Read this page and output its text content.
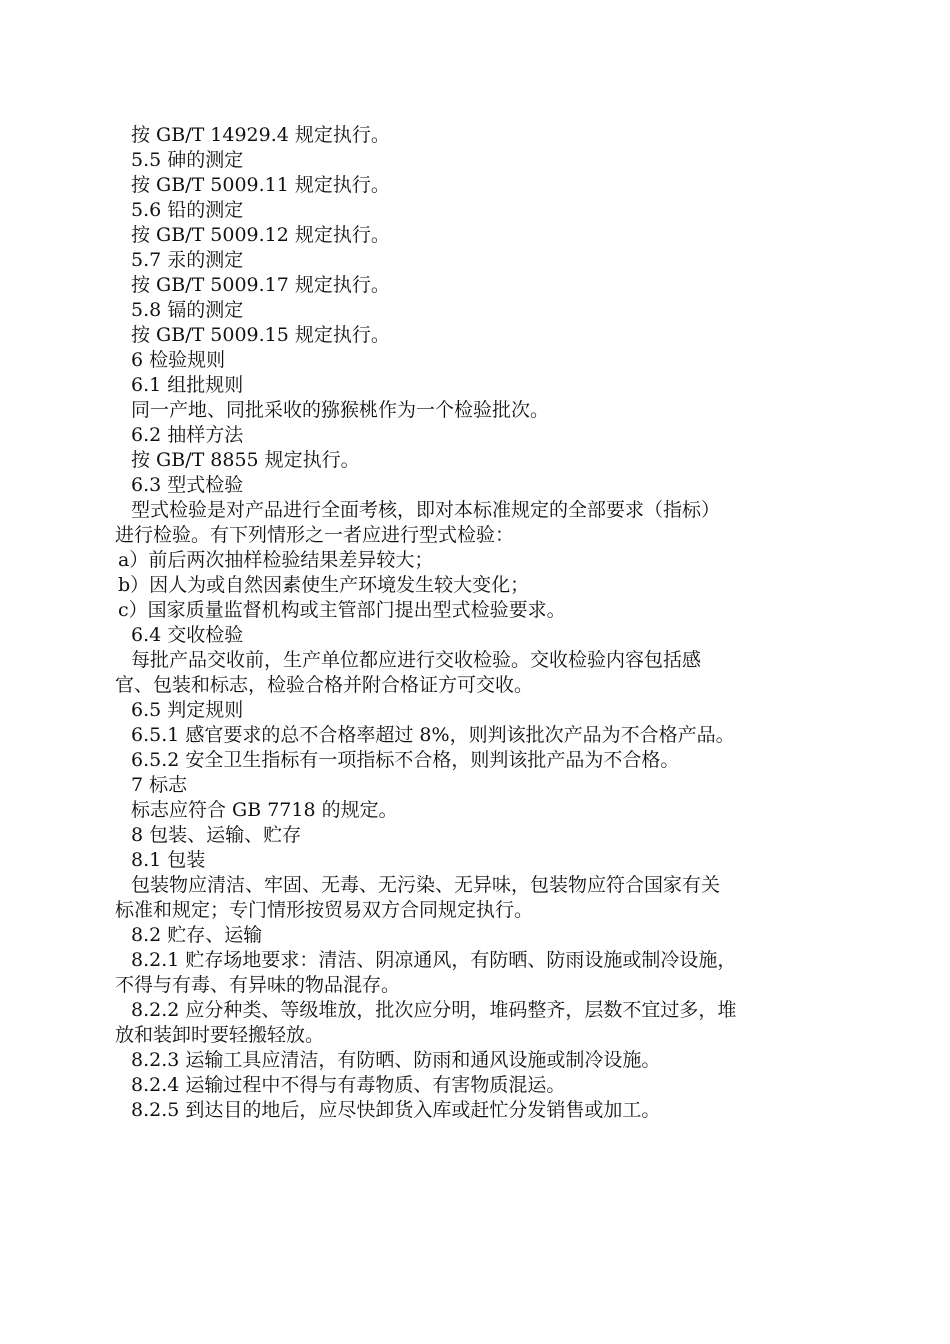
按 GB/T 14929.4 规定执行。
5.5 砷的测定
按 GB/T 5009.11 规定执行。
5.6 铅的测定
按 GB/T 5009.12 规定执行。
5.7 汞的测定
按 GB/T 5009.17 规定执行。
5.8 镉的测定
按 GB/T 5009.15 规定执行。
6 检验规则
6.1 组批规则
同一产地、同批采收的猕猴桃作为一个检验批次。
6.2 抽样方法
按 GB/T 8855 规定执行。
6.3 型式检验
型式检验是对产品进行全面考核，即对本标准规定的全部要求（指标）
进行检验。有下列情形之一者应进行型式检验：
a）前后两次抽样检验结果差异较大；
b）因人为或自然因素使生产环境发生较大变化；
c）国家质量监督机构或主管部门提出型式检验要求。
6.4 交收检验
每批产品交收前，生产单位都应进行交收检验。交收检验内容包括感
官、包装和标志，检验合格并附合格证方可交收。
6.5 判定规则
6.5.1 感官要求的总不合格率超过 8%，则判该批次产品为不合格产品。
6.5.2 安全卫生指标有一项指标不合格，则判该批产品为不合格。
7 标志
标志应符合 GB 7718 的规定。
8 包装、运输、贮存
8.1 包装
包装物应清洁、牢固、无毒、无污染、无异味，包装物应符合国家有关
标准和规定；专门情形按贸易双方合同规定执行。
8.2 贮存、运输
8.2.1 贮存场地要求：清洁、阴凉通风，有防晒、防雨设施或制冷设施，
不得与有毒、有异味的物品混存。
8.2.2 应分种类、等级堆放，批次应分明，堆码整齐，层数不宜过多，堆
放和装卸时要轻搬轻放。
8.2.3 运输工具应清洁，有防晒、防雨和通风设施或制冷设施。
8.2.4 运输过程中不得与有毒物质、有害物质混运。
8.2.5 到达目的地后，应尽快卸货入库或赶忙分发销售或加工。
